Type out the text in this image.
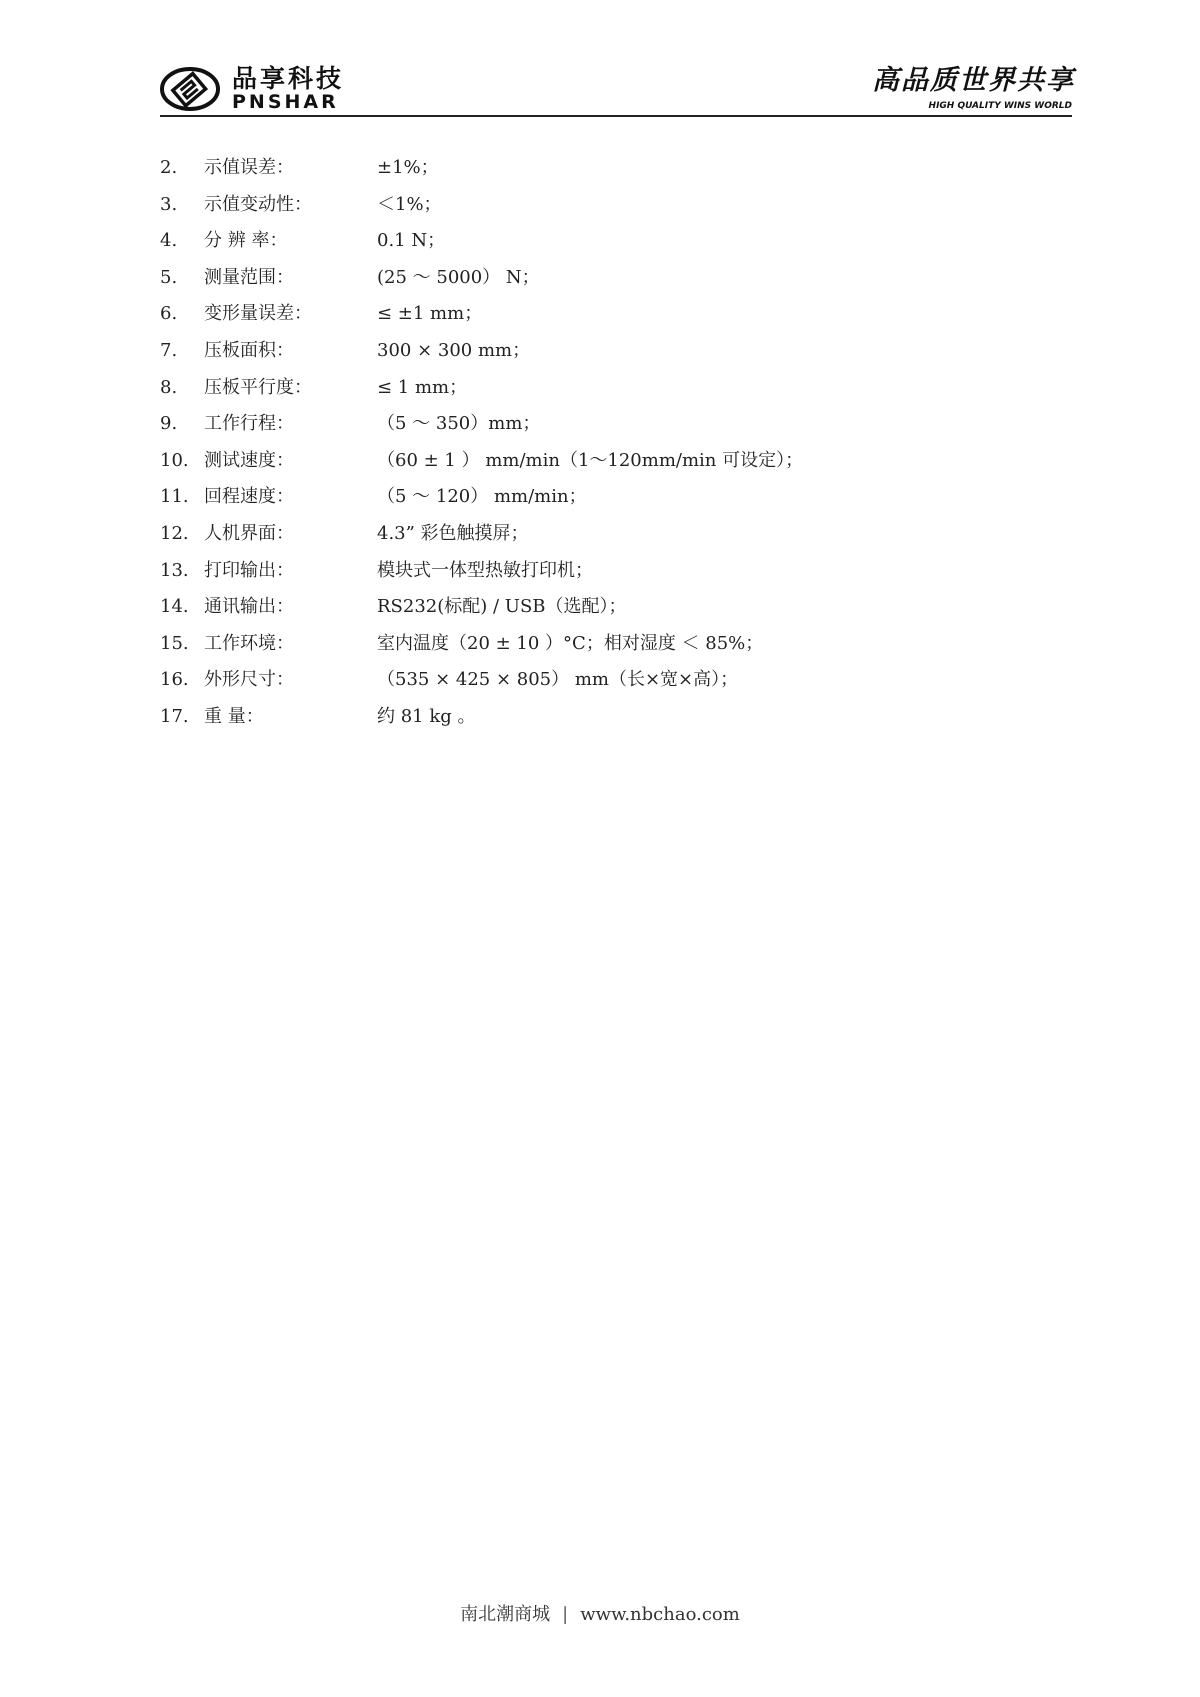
品享科技
PNSHAR
高品质世界共享
HIGH QUALITY WINS WORLD
2. 示值误差：	±1%；
3. 示值变动性：	＜1%；
4. 分 辨 率：	0.1 N；
5. 测量范围：	(25 ～ 5000） N；
6. 变形量误差：	≤ ±1 mm；
7. 压板面积：	300 × 300 mm；
8. 压板平行度：	≤ 1 mm；
9. 工作行程：	（5 ～ 350）mm；
10. 测试速度：	（60 ± 1 ） mm/min（1～120mm/min 可设定）；
11. 回程速度：	（5 ～ 120） mm/min；
12. 人机界面：	4.3” 彩色触摸屏；
13. 打印输出：	模块式一体型热敏打印机；
14. 通讯输出：	RS232(标配) / USB（选配）；
15. 工作环境：	室内温度（20 ± 10 ）°C；相对湿度 ＜ 85%；
16. 外形尺寸：	（535 × 425 × 805） mm（长×宽×高）；
17. 重 量：	约 81 kg 。
南北潮商城 | www.nbchao.com
